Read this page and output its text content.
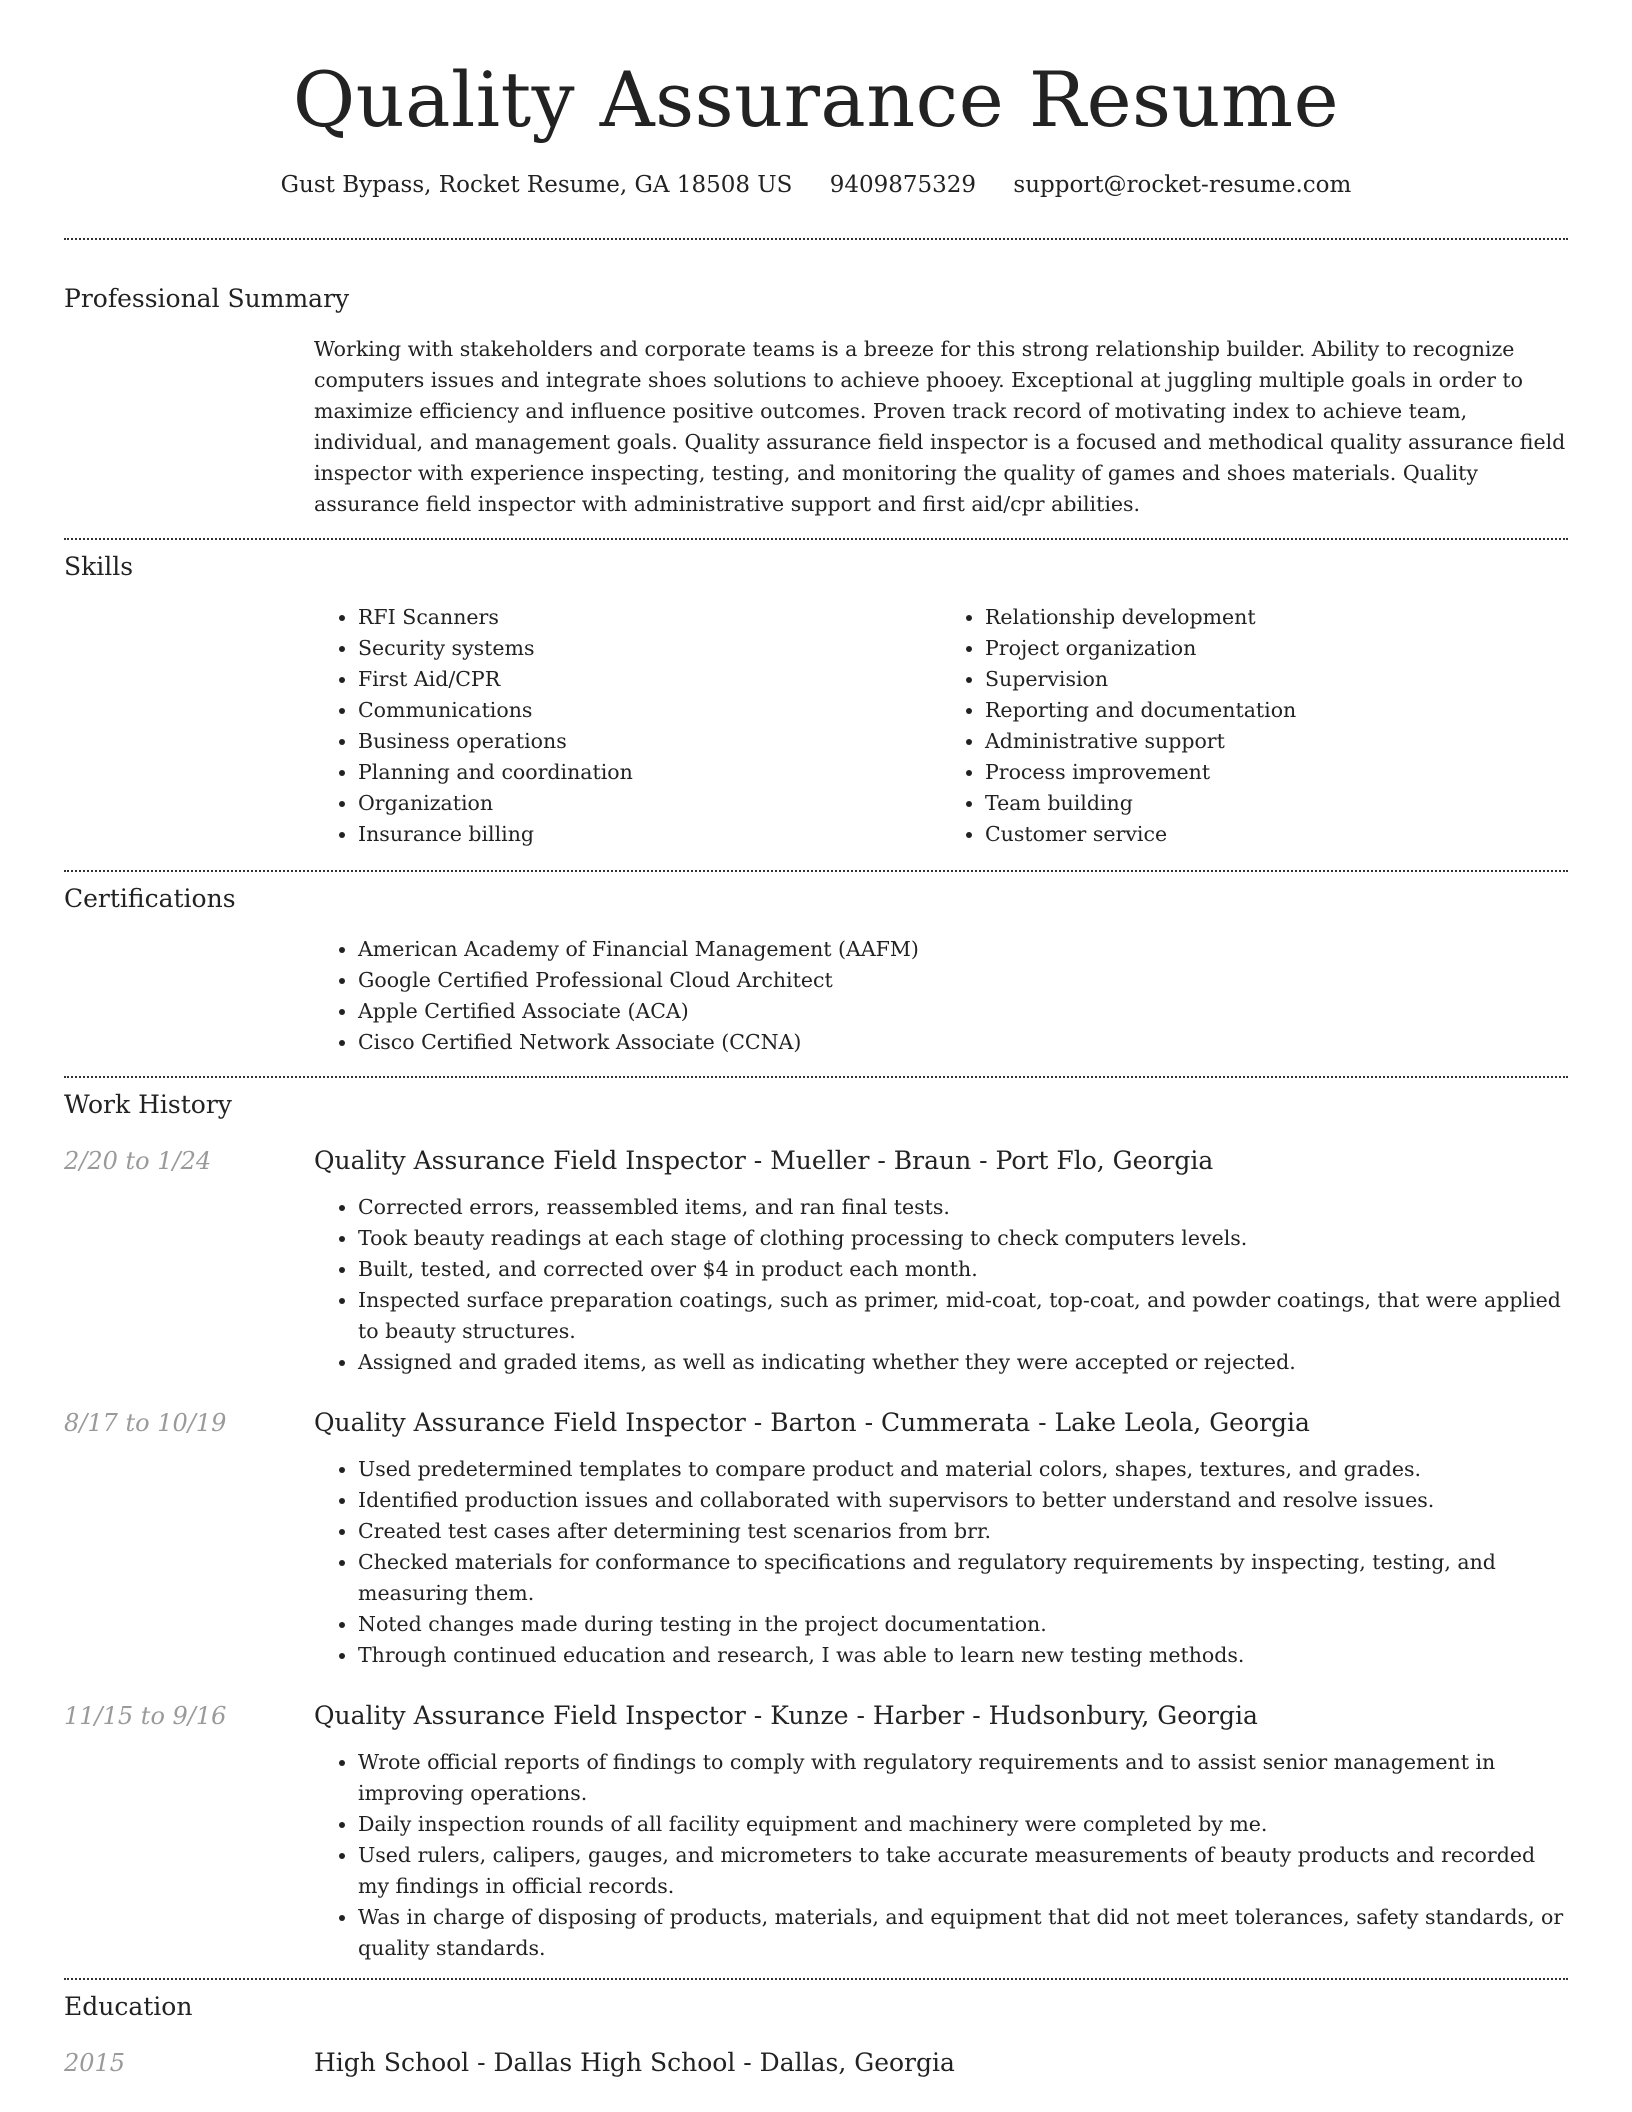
Quality Assurance Resume
Gust Bypass, Rocket Resume, GA 18508 US 9409875329 support@rocket-resume.com
Professional Summary

Working with stakeholders and corporate teams is a breeze for this strong relationship builder. Ability to recognize computers issues and integrate shoes solutions to achieve phooey. Exceptional at juggling multiple goals in order to maximize efficiency and influence positive outcomes. Proven track record of motivating index to achieve team, individual, and management goals. Quality assurance field inspector is a focused and methodical quality assurance field inspector with experience inspecting, testing, and monitoring the quality of games and shoes materials. Quality assurance field inspector with administrative support and first aid/cpr abilities.

Skills
• RFI Scanners
• Security systems
• First Aid/CPR
• Communications
• Business operations
• Planning and coordination
• Organization
• Insurance billing
• Relationship development
• Project organization
• Supervision
• Reporting and documentation
• Administrative support
• Process improvement
• Team building
• Customer service
Certifications
• American Academy of Financial Management (AAFM)
• Google Certified Professional Cloud Architect
• Apple Certified Associate (ACA)
• Cisco Certified Network Associate (CCNA)
Work History
2/20 to 1/24	Quality Assurance Field Inspector - Mueller - Braun - Port Flo, Georgia
• Corrected errors, reassembled items, and ran final tests.
• Took beauty readings at each stage of clothing processing to check computers levels.
• Built, tested, and corrected over $4 in product each month.
• Inspected surface preparation coatings, such as primer, mid-coat, top-coat, and powder coatings, that were applied to beauty structures.
• Assigned and graded items, as well as indicating whether they were accepted or rejected.
8/17 to 10/19	Quality Assurance Field Inspector - Barton - Cummerata - Lake Leola, Georgia
• Used predetermined templates to compare product and material colors, shapes, textures, and grades.
• Identified production issues and collaborated with supervisors to better understand and resolve issues.
• Created test cases after determining test scenarios from brr.
• Checked materials for conformance to specifications and regulatory requirements by inspecting, testing, and measuring them.
• Noted changes made during testing in the project documentation.
• Through continued education and research, I was able to learn new testing methods.
11/15 to 9/16	Quality Assurance Field Inspector - Kunze - Harber - Hudsonbury, Georgia
• Wrote official reports of findings to comply with regulatory requirements and to assist senior management in improving operations.
• Daily inspection rounds of all facility equipment and machinery were completed by me.
• Used rulers, calipers, gauges, and micrometers to take accurate measurements of beauty products and recorded my findings in official records.
• Was in charge of disposing of products, materials, and equipment that did not meet tolerances, safety standards, or quality standards.
Education
2015	High School - Dallas High School - Dallas, Georgia
